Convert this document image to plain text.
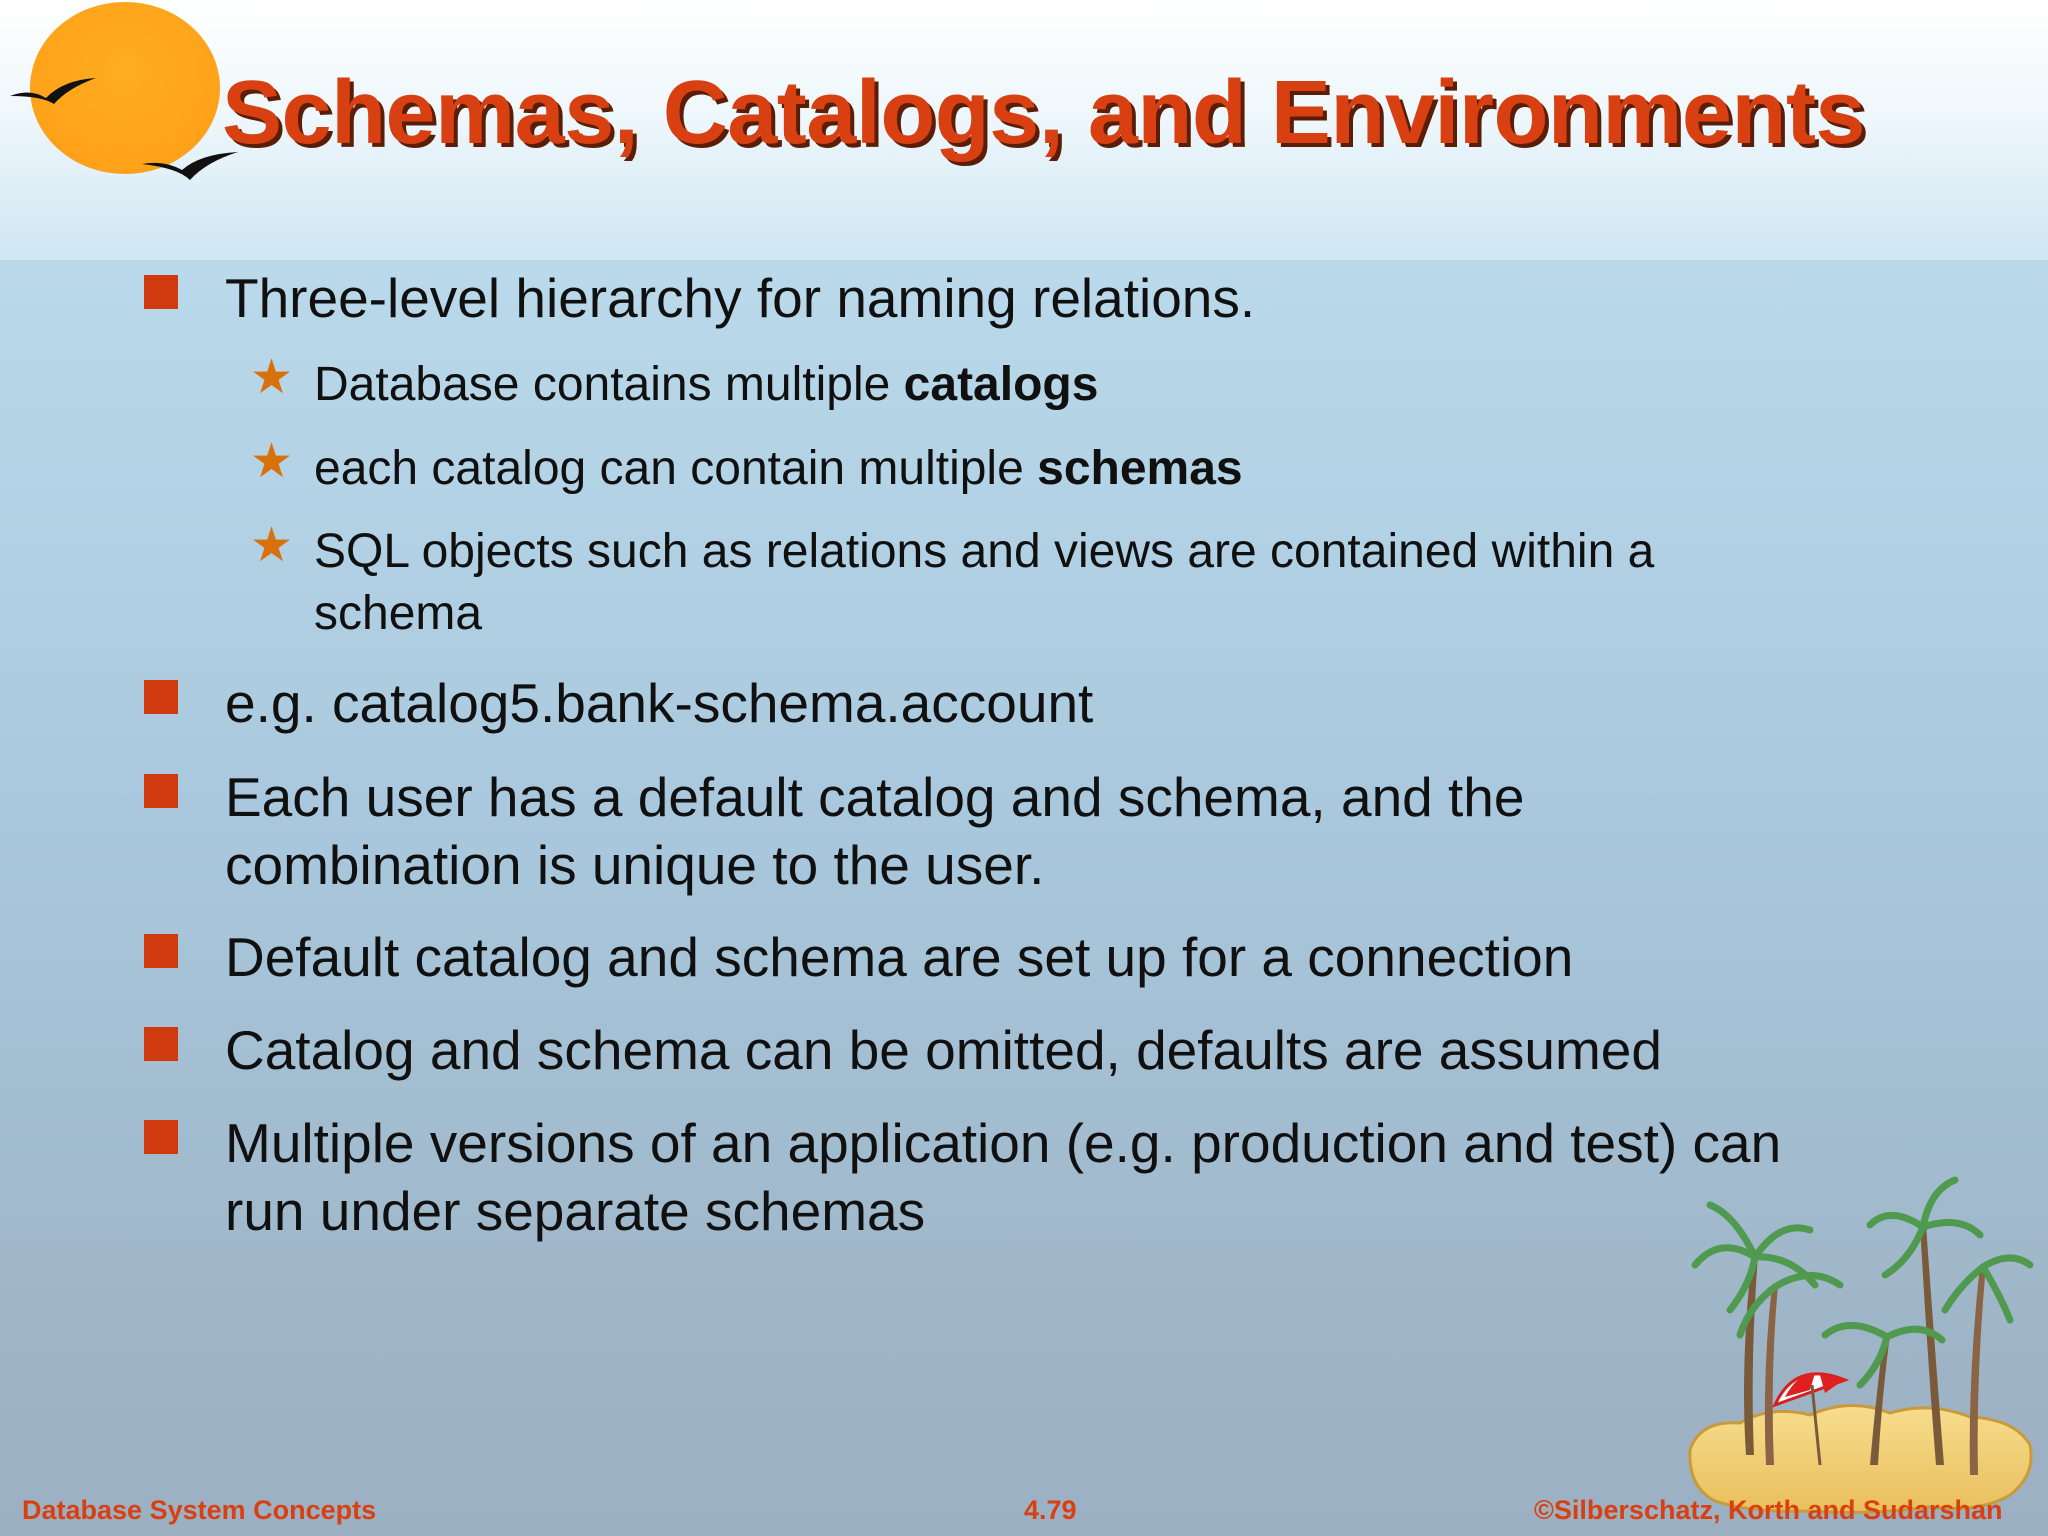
Schemas, Catalogs, and Environments

Three-level hierarchy for naming relations.

★ Database contains multiple catalogs

★ each catalog can contain multiple schemas

★ SQL objects such as relations and views are contained within a

schema

e.g. catalog5.bank-schema.account

Each user has a default catalog and schema, and the

combination is unique to the user.

Default catalog and schema are set up for a connection

Catalog and schema can be omitted, defaults are assumed

Multiple versions of an application (e.g. production and test) can

run under separate schemas

Database System Concepts	4.79	©Silberschatz, Korth and Sudarshan
